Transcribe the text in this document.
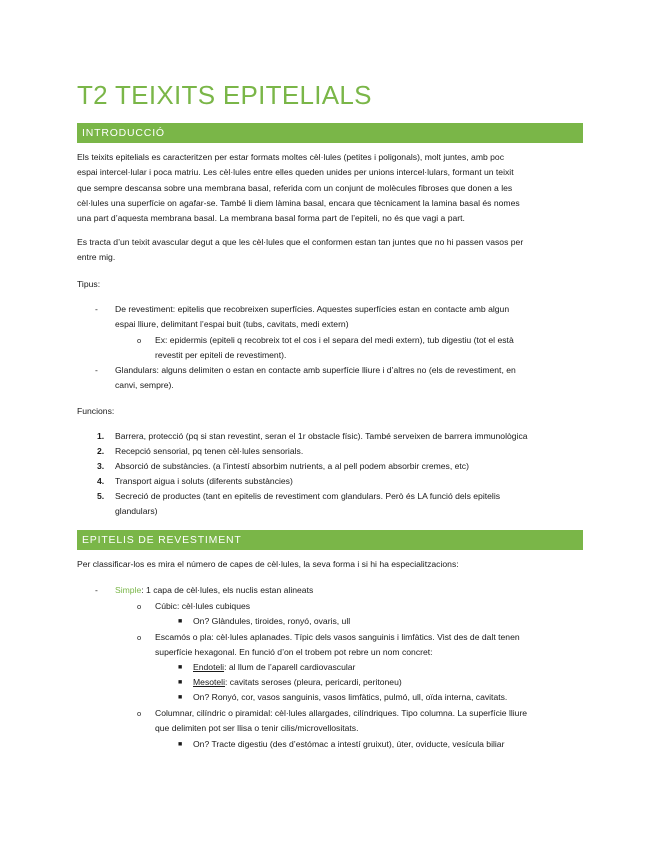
T2 TEIXITS EPITELIALS
INTRODUCCIÓ
Els teixits epitelials es caracteritzen per estar formats moltes cèl·lules (petites i poligonals), molt juntes, amb poc
espai intercel·lular i poca matriu. Les cèl·lules entre elles queden unides per unions intercel·lulars, formant un teixit
que sempre descansa sobre una membrana basal, referida com un conjunt de molècules fibroses que donen a les
cèl·lules una superfície on agafar-se. També li diem làmina basal, encara que tècnicament la lamina basal és nomes
una part d’aquesta membrana basal. La membrana basal forma part de l’epiteli, no és que vagi a part.
Es tracta d’un teixit avascular degut a que les cèl·lules que el conformen estan tan juntes que no hi passen vasos per
entre mig.
Tipus:
- De revestiment: epitelis que recobreixen superfícies. Aquestes superfícies estan en contacte amb algun
espai lliure, delimitant l’espai buit (tubs, cavitats, medi extern)
o Ex: epidermis (epiteli q recobreix tot el cos i el separa del medi extern), tub digestiu (tot el està
revestit per epiteli de revestiment).
- Glandulars: alguns delimiten o estan en contacte amb superfície lliure i d’altres no (els de revestiment, en
canvi, sempre).
Funcions:
1. Barrera, protecció (pq si stan revestint, seran el 1r obstacle físic). També serveixen de barrera immunològica
2. Recepció sensorial, pq tenen cèl·lules sensorials.
3. Absorció de substàncies. (a l’intestí absorbim nutrients, a al pell podem absorbir cremes, etc)
4. Transport aigua i soluts (diferents substàncies)
5. Secreció de productes (tant en epitelis de revestiment com glandulars. Però és LA funció dels epitelis
glandulars)
EPITELIS DE REVESTIMENT
Per classificar-los es mira el número de capes de cèl·lules, la seva forma i si hi ha especialitzacions:
- Simple: 1 capa de cèl·lules, els nuclis estan alineats
o Cúbic: cèl·lules cubiques
■ On? Glàndules, tiroides, ronyó, ovaris, ull
o Escamós o pla: cèl·lules aplanades. Típic dels vasos sanguinis i limfàtics. Vist des de dalt tenen
superfície hexagonal. En funció d’on el trobem pot rebre un nom concret:
■ Endoteli: al llum de l’aparell cardiovascular
■ Mesoteli: cavitats seroses (pleura, pericardi, peritoneu)
■ On? Ronyó, cor, vasos sanguinis, vasos limfàtics, pulmó, ull, oïda interna, cavitats.
o Columnar, cilíndric o piramidal: cèl·lules allargades, cilíndriques. Tipo columna. La superfície lliure
que delimiten pot ser llisa o tenir cilis/microvellositats.
■ On? Tracte digestiu (des d’estómac a intestí gruixut), úter, oviducte, vesícula biliar
